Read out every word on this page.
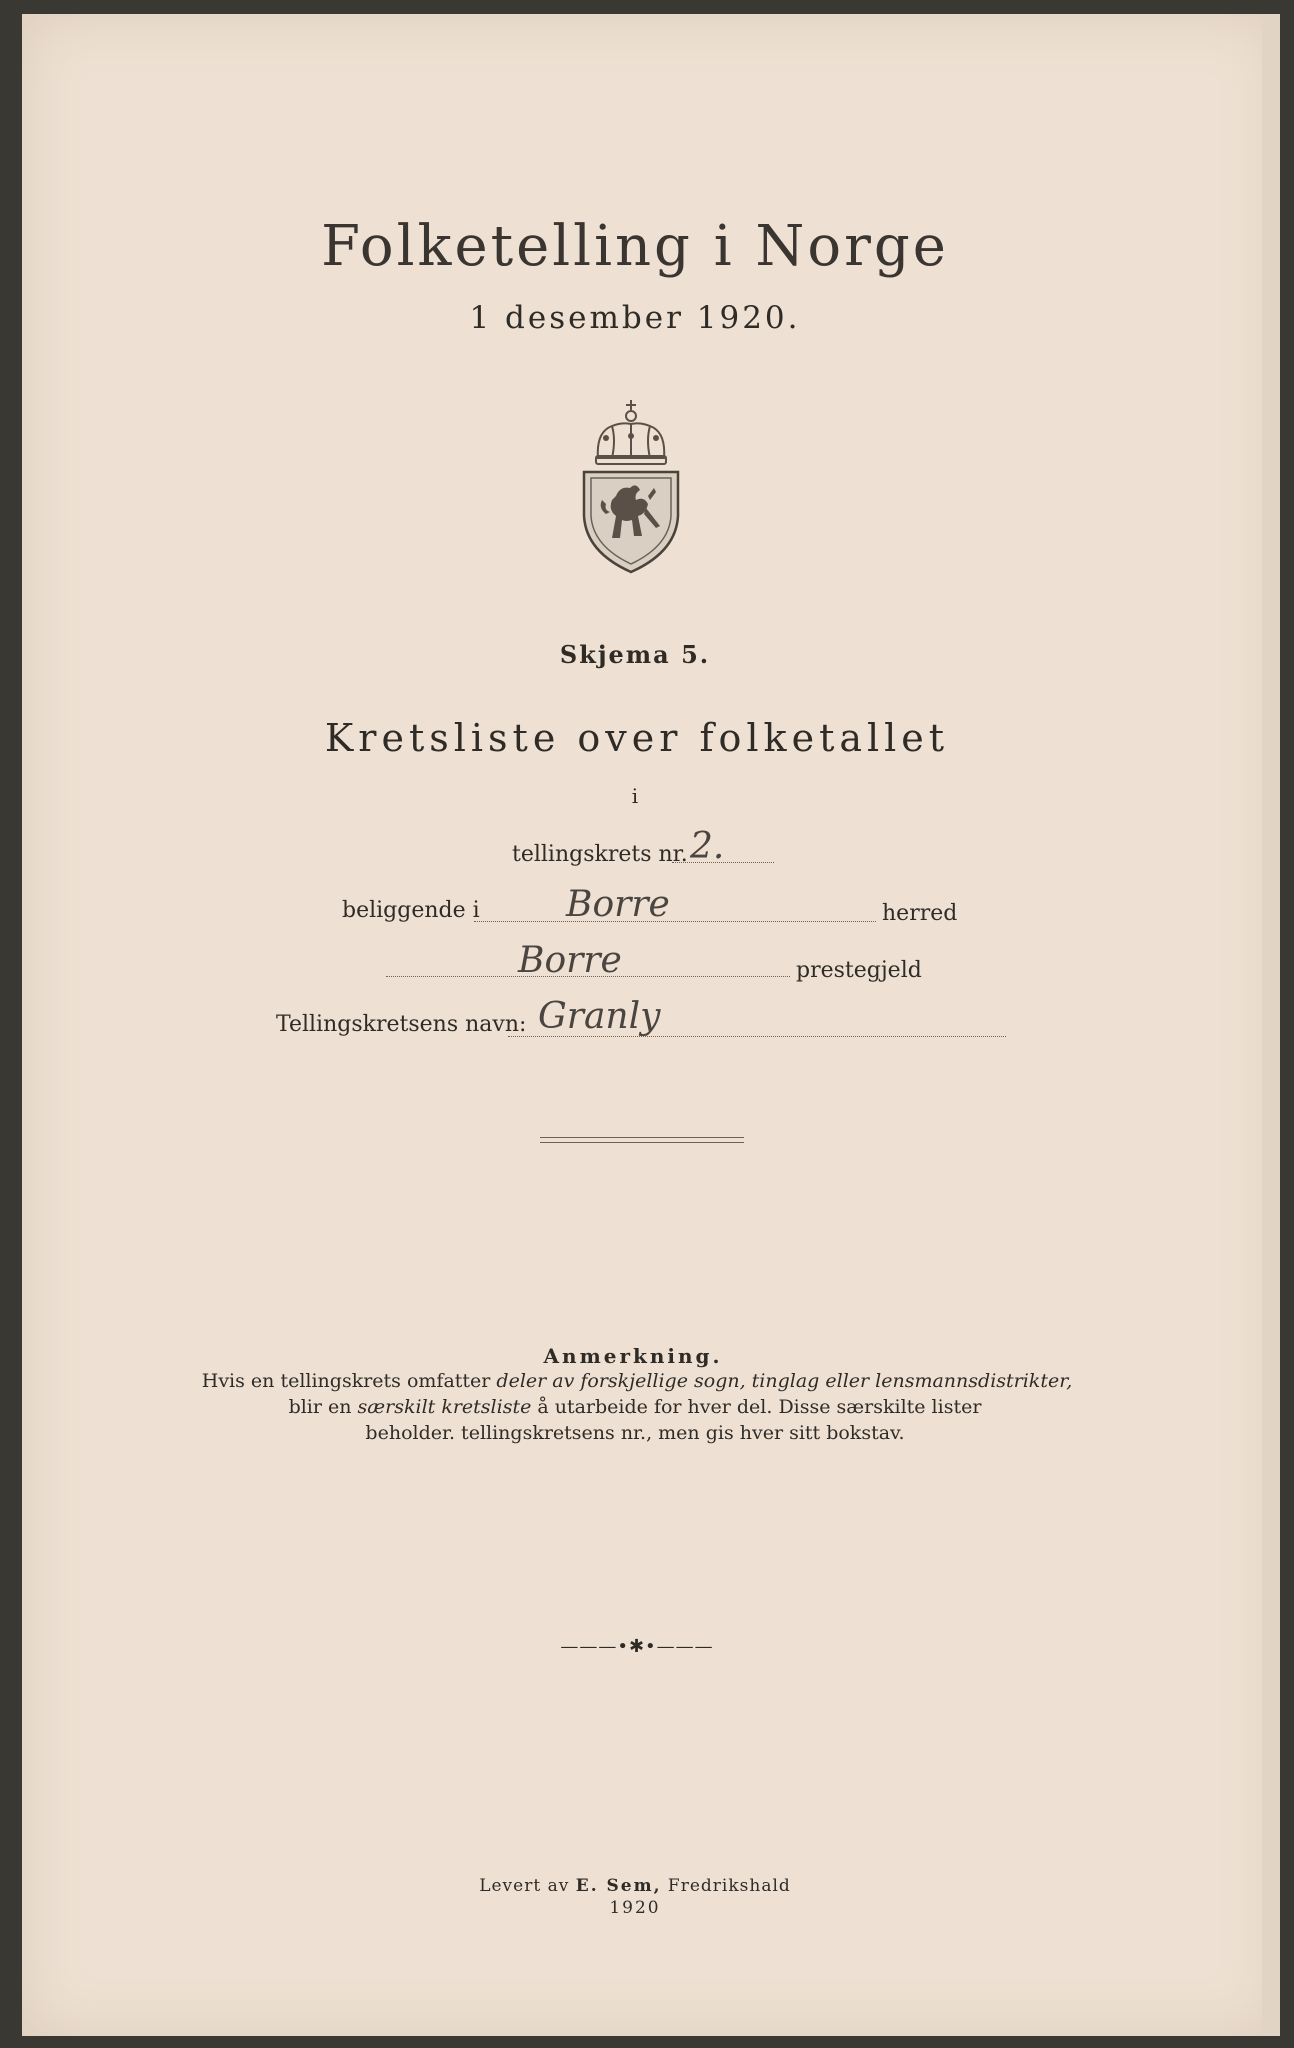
Folketelling i Norge
1 desember 1920.
Skjema 5.
Kretsliste over folketallet
i
tellingskrets nr. 2.
beliggende i Borre	herred
Borre	prestegjeld
Tellingskretsens navn: Granly
Anmerkning.
Hvis en tellingskrets omfatter deler av forskjellige sogn, tinglag eller lensmannsdistrikter,
blir en særskilt kretsliste å utarbeide for hver del. Disse særskilte lister
beholder. tellingskretsens nr., men gis hver sitt bokstav.
———•✱•———
Levert av E. Sem, Fredrikshald
1920
